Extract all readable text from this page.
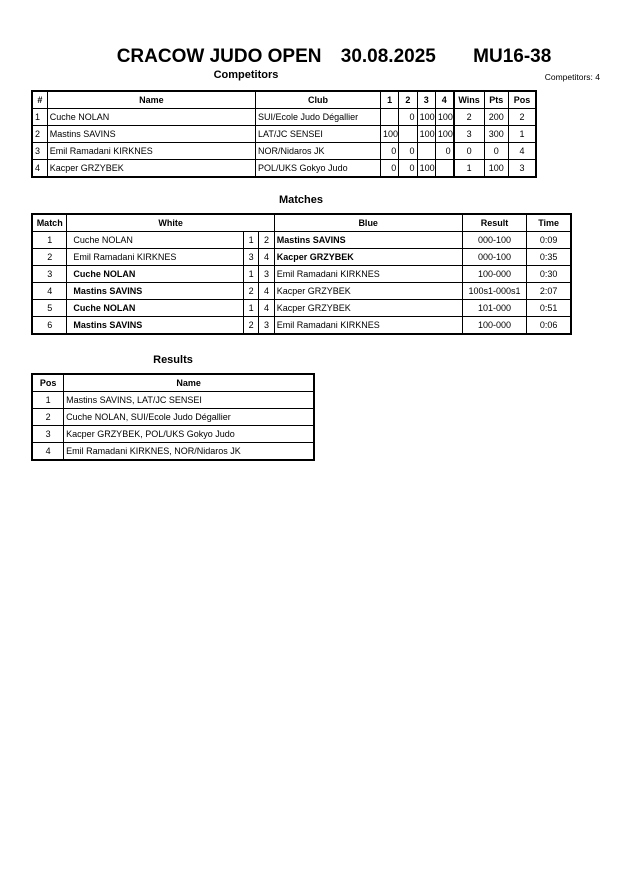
CRACOW JUDO OPEN 30.08.2025 MU16-38
Competitors	Competitors: 4
#	Name	Club	1	2	3	4	Wins	Pts	Pos
1	Cuche NOLAN	SUI/Ecole Judo Dégallier		0	100	100	2	200	2
2	Mastins SAVINS	LAT/JC SENSEI	100		100	100	3	300	1
3	Emil Ramadani KIRKNES	NOR/Nidaros JK	0	0		0	0	0	4
4	Kacper GRZYBEK	POL/UKS Gokyo Judo	0	0	100		1	100	3
Matches
Match	White			Blue	Result	Time
1	Cuche NOLAN	1	2	Mastins SAVINS	000-100	0:09
2	Emil Ramadani KIRKNES	3	4	Kacper GRZYBEK	000-100	0:35
3	Cuche NOLAN	1	3	Emil Ramadani KIRKNES	100-000	0:30
4	Mastins SAVINS	2	4	Kacper GRZYBEK	100s1-000s1	2:07
5	Cuche NOLAN	1	4	Kacper GRZYBEK	101-000	0:51
6	Mastins SAVINS	2	3	Emil Ramadani KIRKNES	100-000	0:06
Results
Pos	Name
1	Mastins SAVINS, LAT/JC SENSEI
2	Cuche NOLAN, SUI/Ecole Judo Dégallier
3	Kacper GRZYBEK, POL/UKS Gokyo Judo
4	Emil Ramadani KIRKNES, NOR/Nidaros JK
